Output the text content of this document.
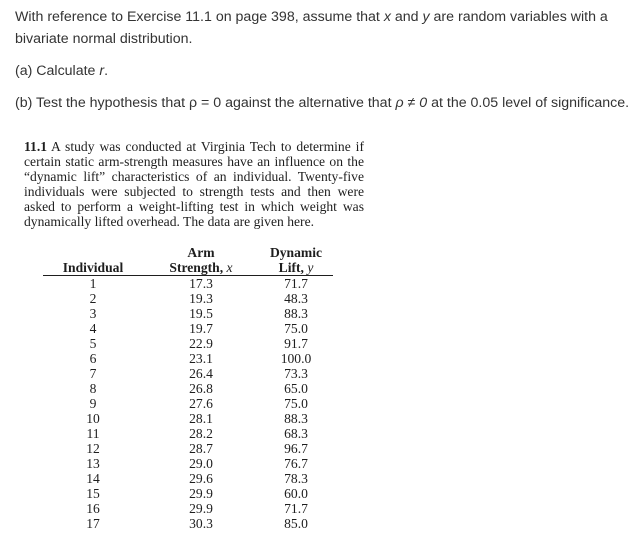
With reference to Exercise 11.1 on page 398, assume that x and y are random variables with a bivariate normal distribution.

(a) Calculate r.

(b) Test the hypothesis that ρ = 0 against the alternative that ρ ≠ 0 at the 0.05 level of significance.

11.1 A study was conducted at Virginia Tech to determine if certain static arm-strength measures have an influence on the “dynamic lift” characteristics of an individual. Twenty-five individuals were subjected to strength tests and then were asked to perform a weight-lifting test in which weight was dynamically lifted overhead. The data are given here.
	Arm	Dynamic
Individual	Strength, x	Lift, y
1	17.3	71.7
2	19.3	48.3
3	19.5	88.3
4	19.7	75.0
5	22.9	91.7
6	23.1	100.0
7	26.4	73.3
8	26.8	65.0
9	27.6	75.0
10	28.1	88.3
11	28.2	68.3
12	28.7	96.7
13	29.0	76.7
14	29.6	78.3
15	29.9	60.0
16	29.9	71.7
17	30.3	85.0
